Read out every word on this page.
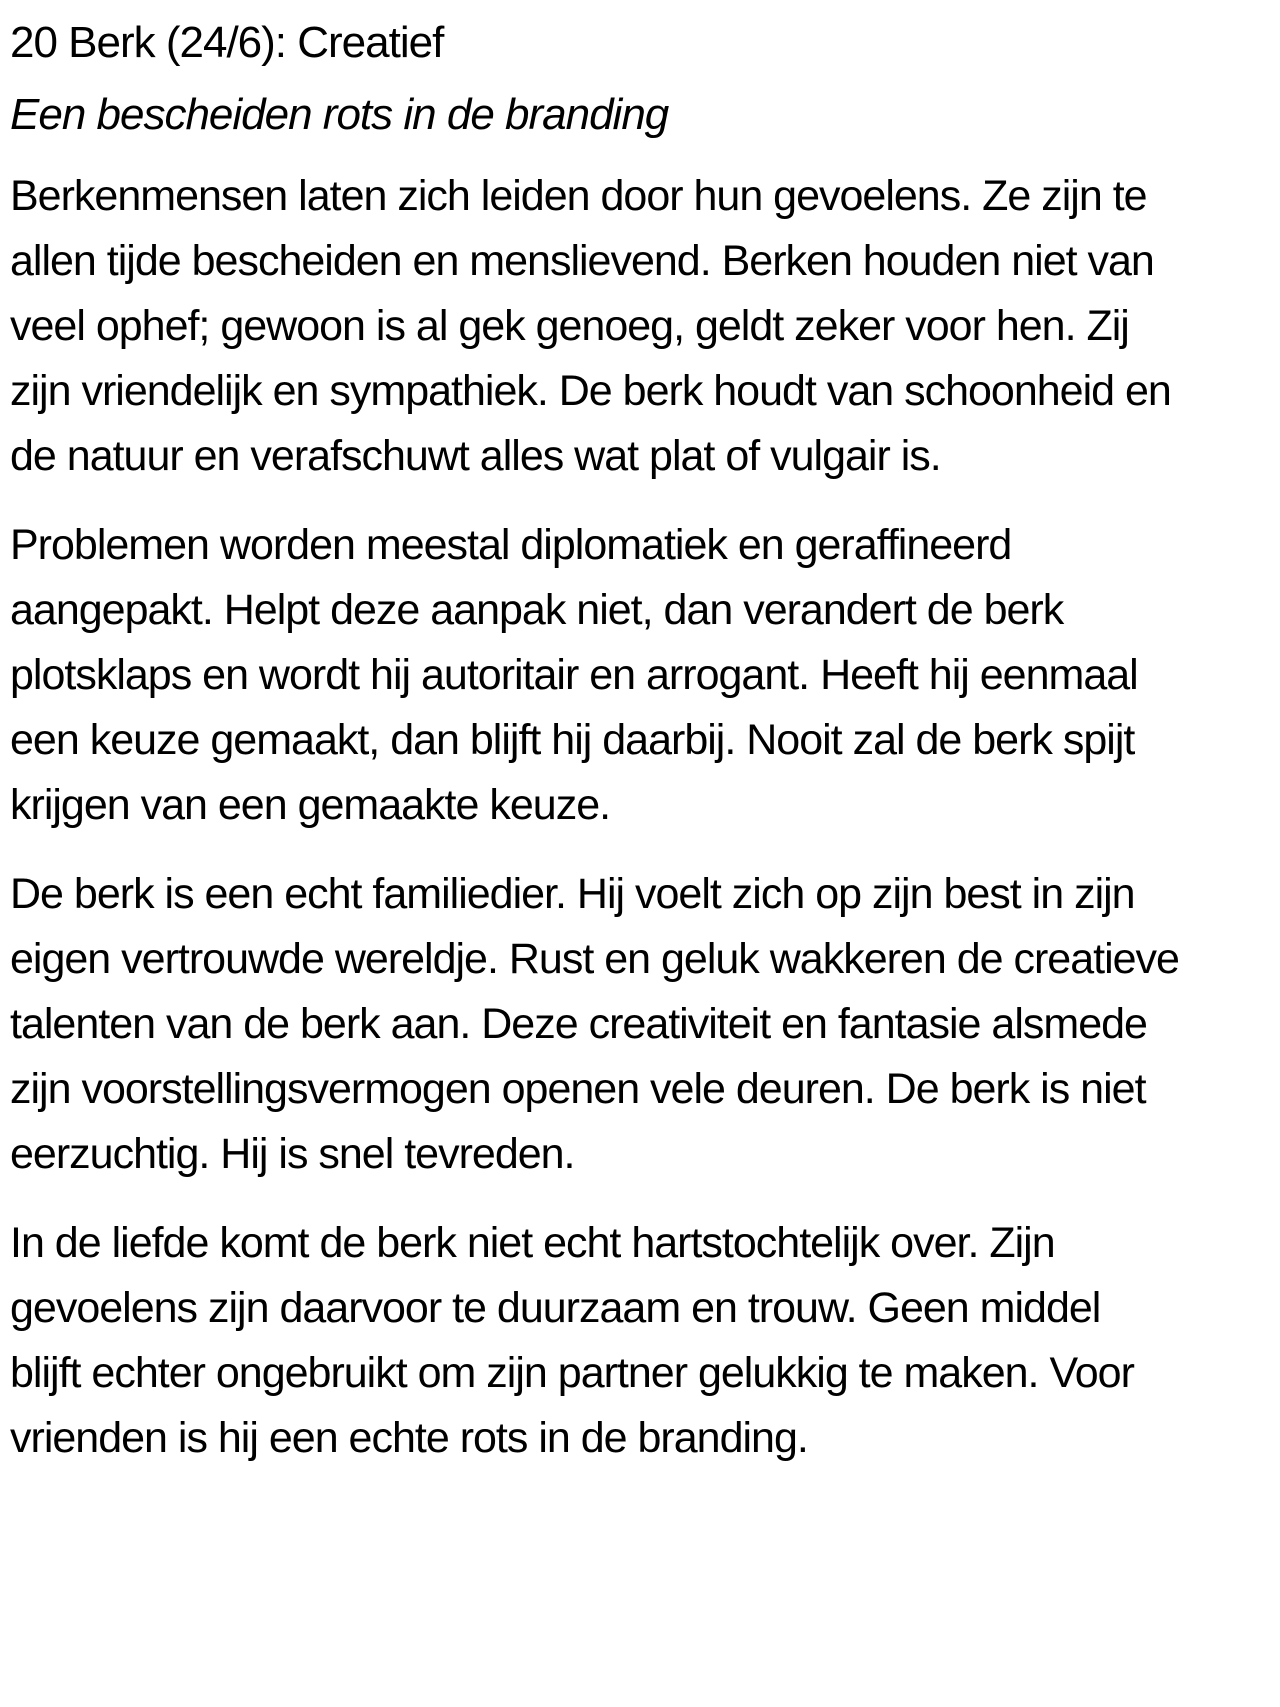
20 Berk (24/6): Creatief
Een bescheiden rots in de branding
Berkenmensen laten zich leiden door hun gevoelens. Ze zijn te
allen tijde bescheiden en menslievend. Berken houden niet van
veel ophef; gewoon is al gek genoeg, geldt zeker voor hen. Zij
zijn vriendelijk en sympathiek. De berk houdt van schoonheid en
de natuur en verafschuwt alles wat plat of vulgair is.
Problemen worden meestal diplomatiek en geraffineerd
aangepakt. Helpt deze aanpak niet, dan verandert de berk
plotsklaps en wordt hij autoritair en arrogant. Heeft hij eenmaal
een keuze gemaakt, dan blijft hij daarbij. Nooit zal de berk spijt
krijgen van een gemaakte keuze.
De berk is een echt familiedier. Hij voelt zich op zijn best in zijn
eigen vertrouwde wereldje. Rust en geluk wakkeren de creatieve
talenten van de berk aan. Deze creativiteit en fantasie alsmede
zijn voorstellingsvermogen openen vele deuren. De berk is niet
eerzuchtig. Hij is snel tevreden.
In de liefde komt de berk niet echt hartstochtelijk over. Zijn
gevoelens zijn daarvoor te duurzaam en trouw. Geen middel
blijft echter ongebruikt om zijn partner gelukkig te maken. Voor
vrienden is hij een echte rots in de branding.
